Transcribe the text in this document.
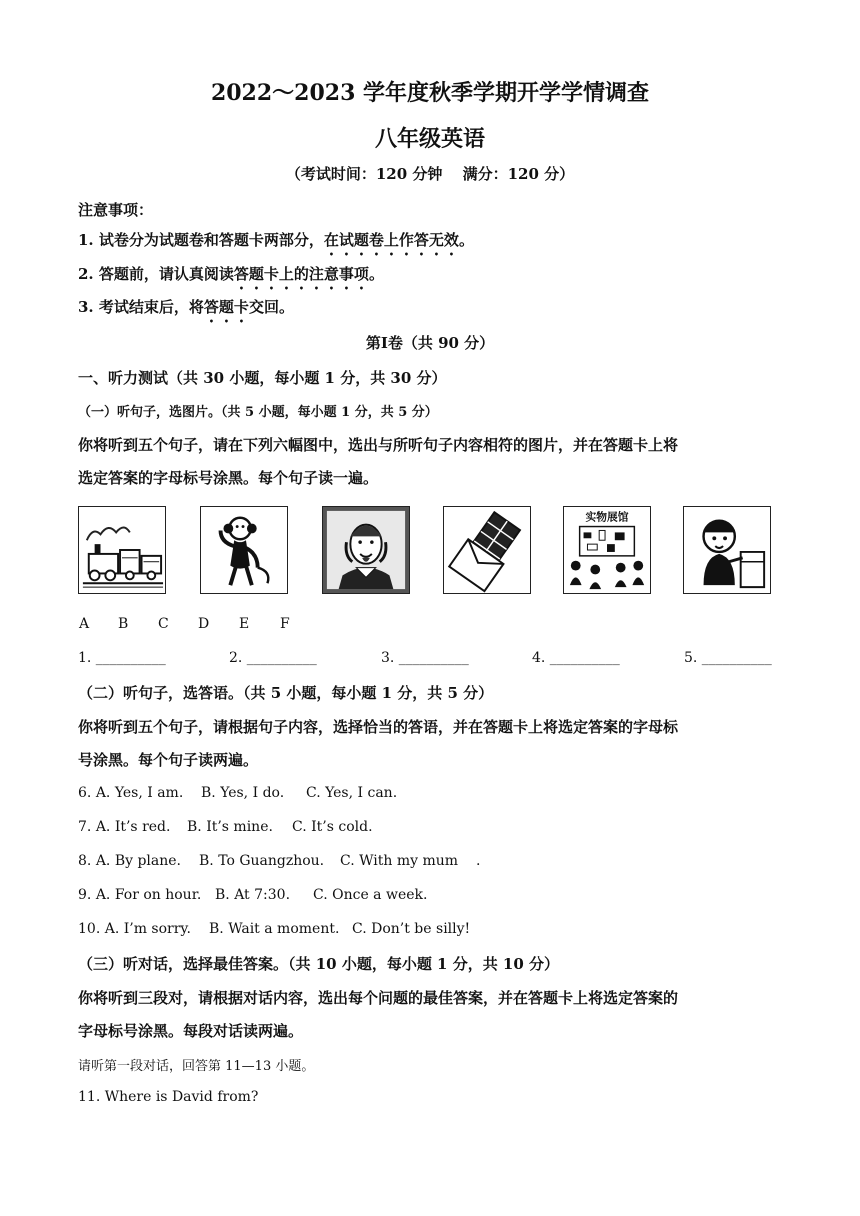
2022～2023 学年度秋季学期开学学情调查
八年级英语
（考试时间：120 分钟　 满分：120 分）
注意事项：
1. 试卷分为试题卷和答题卡两部分，在试题卷上作答无效。
2. 答题前，请认真阅读答题卡上的注意事项。
3. 考试结束后，将答题卡交回。
第Ⅰ卷（共 90 分）
一、听力测试（共 30 小题，每小题 1 分，共 30 分）
（一）听句子，选图片。（共 5 小题，每小题 1 分，共 5 分）
你将听到五个句子，请在下列六幅图中，选出与所听句子内容相符的图片，并在答题卡上将
选定答案的字母标号涂黑。每个句子读一遍。
实物展馆
A B C D E F
1. __________	2. __________	3. __________	4. __________	5. __________
（二）听句子，选答语。（共 5 小题，每小题 1 分，共 5 分）
你将听到五个句子，请根据句子内容，选择恰当的答语，并在答题卡上将选定答案的字母标
号涂黑。每个句子读两遍。
6. A. Yes, I am. B. Yes, I do. C. Yes, I can.
7. A. It’s red. B. It’s mine. C. It’s cold.
8. A. By plane. B. To Guangzhou. C. With my mum .
9. A. For on hour. B. At 7:30. C. Once a week.
10. A. I’m sorry. B. Wait a moment. C. Don’t be silly!
（三）听对话，选择最佳答案。（共 10 小题，每小题 1 分，共 10 分）
你将听到三段对，请根据对话内容，选出每个问题的最佳答案，并在答题卡上将选定答案的
字母标号涂黑。每段对话读两遍。
请听第一段对话，回答第 11—13 小题。
11. Where is David from?
